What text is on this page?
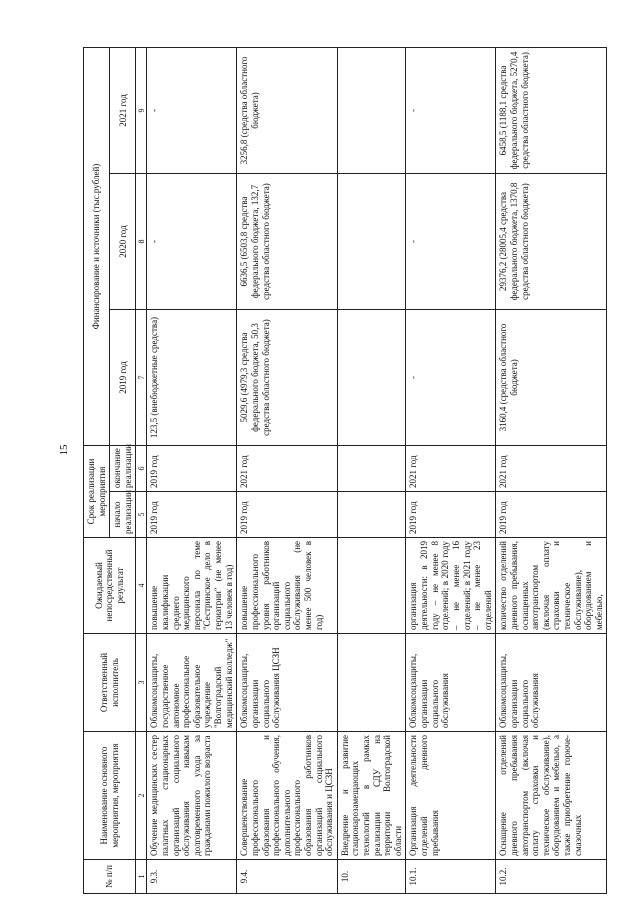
15
№ п/п	Наименование основного мероприятия, мероприятия	Ответственный исполнитель	Ожидаемый непосредственный результат	Срок реализации мероприятия		Финансирование и источники (тыс.рублей)		
				начало реализации	окончание реализации	2019 год	2020 год	2021 год
1	2	3	4	5	6	7	8	9
9.3.	Обучение медицинских сестер палатных стационарных организаций социального обслуживания навыкам долговременного ухода за гражданами пожилого возраста	Облкомсоцзащиты, государственное автономное профессиональное образовательное учреждение "Волгоградский медицинский колледж"	повышение квалификации среднего медицинского персонала по теме "Сестринское дело в гериатрии" (не менее 13 человек в год)	2019 год	2019 год	123,5 (внебюджетные средства)	-	-
9.4.	Совершенствование профессионального образования и профессионального обучения, дополнительного профессионального образования работников организаций социального обслуживания и ЦСЗН	Облкомсоцзащиты, организации социального обслуживания ЦСЗН	повышение профессионального уровня работников организаций социального обслуживания (не менее 500 человек в год)	2019 год	2021 год	5029,6 (4979,3 средства федерального бюджета, 50,3 средства областного бюджета)	6636,5 (6503,8 средства федерального бюджета, 132,7 средства областного бюджета)	3256,8 (средства областного бюджета)
10.	Внедрение и развитие стационарозамещающих технологий в рамках реализации СДУ на территории Волгоградской области							
10.1.	Организация деятельности отделений дневного пребывания	Облкомсоцзащиты, организации социального обслуживания	организация деятельности: в 2019 году – не менее 8 отделений; в 2020 году – не менее 16 отделений; в 2021 году – не менее 23 отделений	2019 год	2021 год	-	-	-
10.2.	Оснащение отделений дневного пребывания автотранспортом (включая оплату страховки и техническое обслуживание), оборудованием и мебелью, а также приобретение горюче-смазочных	Облкомсоцзащиты, организации социального обслуживания	количество отделений дневного пребывания, оснащенных автотранспортом (включая оплату страховки и техническое обслуживание), оборудованием и мебелью,	2019 год	2021 год	3160,4 (средства областного бюджета)	29376,2 (28005,4 средства федерального бюджета, 1370,8 средства областного бюджета)	6458,5 (1188,1 средства федерального бюджета, 5270,4 средства областного бюджета)
